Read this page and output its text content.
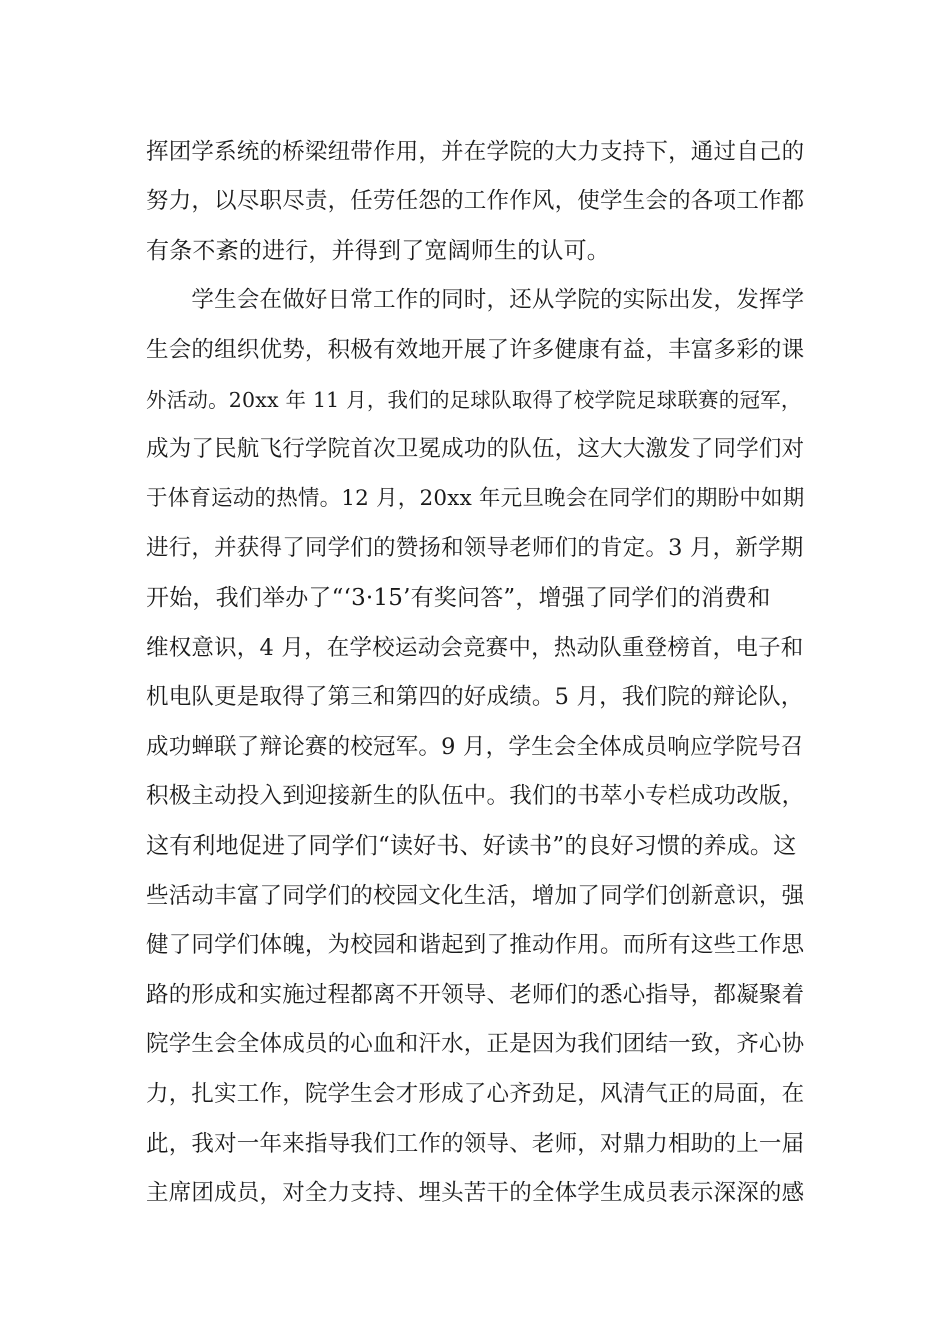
挥团学系统的桥梁纽带作用，并在学院的大力支持下，通过自己的
努力，以尽职尽责，任劳任怨的工作作风，使学生会的各项工作都
有条不紊的进行，并得到了宽阔师生的认可。
　　学生会在做好日常工作的同时，还从学院的实际出发，发挥学
生会的组织优势，积极有效地开展了许多健康有益，丰富多彩的课
外活动。20xx 年 11 月，我们的足球队取得了校学院足球联赛的冠军，
成为了民航飞行学院首次卫冕成功的队伍，这大大激发了同学们对
于体育运动的热情。12 月，20xx 年元旦晚会在同学们的期盼中如期
进行，并获得了同学们的赞扬和领导老师们的肯定。3 月，新学期
开始，我们举办了“‘3·15’有奖问答”，增强了同学们的消费和
维权意识，4 月，在学校运动会竞赛中，热动队重登榜首，电子和
机电队更是取得了第三和第四的好成绩。5 月，我们院的辩论队，
成功蝉联了辩论赛的校冠军。9 月，学生会全体成员响应学院号召
积极主动投入到迎接新生的队伍中。我们的书萃小专栏成功改版，
这有利地促进了同学们“读好书、好读书”的良好习惯的养成。这
些活动丰富了同学们的校园文化生活，增加了同学们创新意识，强
健了同学们体魄，为校园和谐起到了推动作用。而所有这些工作思
路的形成和实施过程都离不开领导、老师们的悉心指导，都凝聚着
院学生会全体成员的心血和汗水，正是因为我们团结一致，齐心协
力，扎实工作，院学生会才形成了心齐劲足，风清气正的局面，在
此，我对一年来指导我们工作的领导、老师，对鼎力相助的上一届
主席团成员，对全力支持、埋头苦干的全体学生成员表示深深的感
